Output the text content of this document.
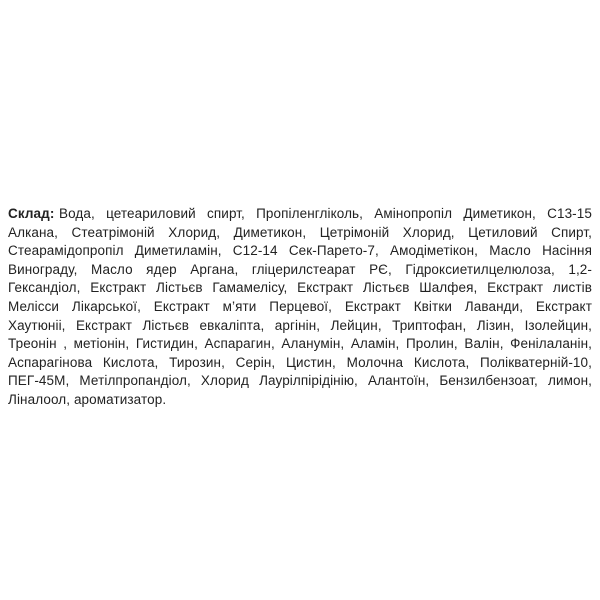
Склад: Вода, цетеариловий спирт, Пропіленгліколь, Амінопропіл Диметикон, С13-15
Алкана, Стеатрімоній Хлорид, Диметикон, Цетрімоній Хлорид, Цетиловий Спирт,
Стеарамідопропіл Диметиламін, С12-14 Сек-Парето-7, Амодіметікон, Масло Насіння
Винограду, Масло ядер Аргана, гліцерилстеарат РЄ, Гідроксиетилцелюлоза, 1,2-
Гександіол, Екстракт Лістьєв Гамамелісу, Екстракт Лістьєв Шалфея, Екстракт листів
Мелісси Лікарської, Екстракт м’яти Перцевої, Екстракт Квітки Лаванди, Екстракт
Хаутюніі, Екстракт Лістьєв евкаліпта, аргінін, Лейцин, Триптофан, Лізин, Ізолейцин,
Треонін , метіонін, Гистидин, Аспарагин, Аланумін, Аламін, Пролин, Валін, Фенілаланін,
Аспарагінова Кислота, Тирозин, Серін, Цистин, Молочна Кислота, Полікватерній-10,
ПЕГ-45М, Метілпропандіол, Хлорид Лаурілпірідінію, Алантоїн, Бензилбензоат, лимон,
Ліналоол, ароматизатор.
